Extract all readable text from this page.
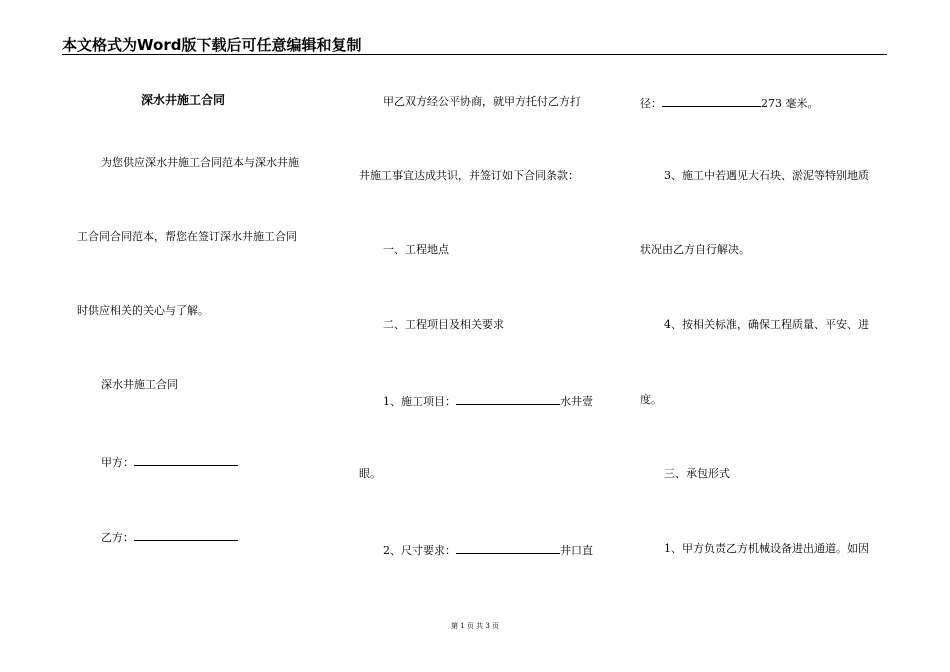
本文格式为Word版下载后可任意编辑和复制
深水井施工合同
为您供应深水井施工合同范本与深水井施
工合同合同范本，帮您在签订深水井施工合同
时供应相关的关心与了解。
深水井施工合同
甲方：
乙方：
甲乙双方经公平协商，就甲方托付乙方打
井施工事宜达成共识，并签订如下合同条款：
一、工程地点
二、工程项目及相关要求
1、施工项目：	水井壹
眼。
2、尺寸要求：	井口直
径：	273 毫米。
3、施工中若遇见大石块、淤泥等特别地质
状况由乙方自行解决。
4、按相关标准，确保工程质量、平安、进
度。
三、承包形式
1、甲方负责乙方机械设备进出通道。如因
第 1 页 共 3 页
